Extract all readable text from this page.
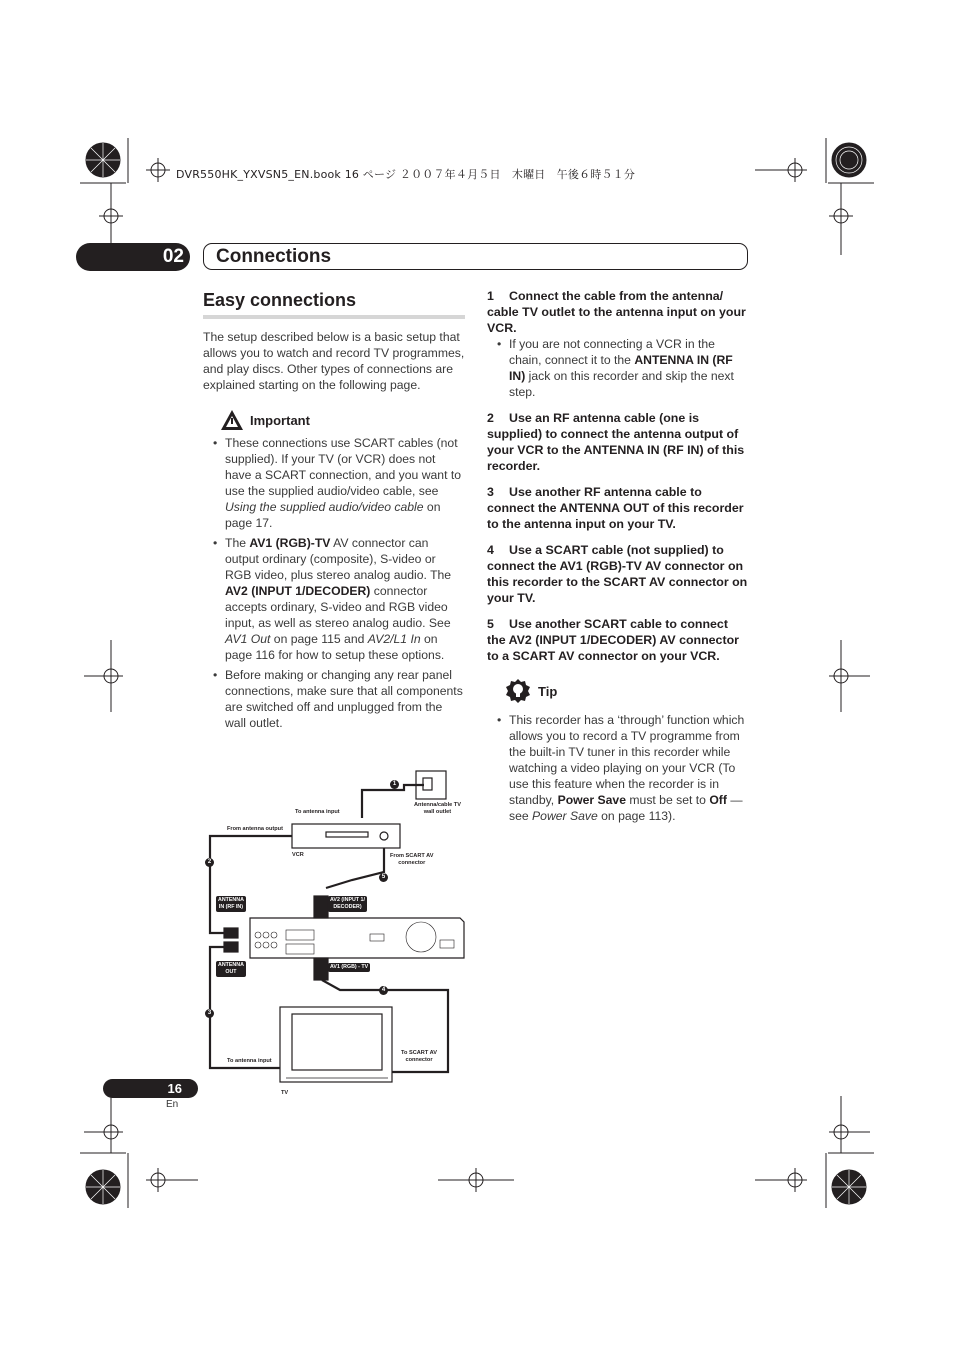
DVR550HK_YXVSN5_EN.book 16 ページ ２００７年４月５日　木曜日　午後６時５１分
02	Connections
Easy connections

The setup described below is a basic setup that allows you to watch and record TV programmes, and play discs. Other types of connections are explained starting on the following page.

Important
• These connections use SCART cables (not supplied). If your TV (or VCR) does not have a SCART connection, and you want to use the supplied audio/video cable, see Using the supplied audio/video cable on page 17.
• The AV1 (RGB)-TV AV connector can output ordinary (composite), S-video or RGB video, plus stereo analog audio. The AV2 (INPUT 1/DECODER) connector accepts ordinary, S-video and RGB video input, as well as stereo analog audio. See AV1 Out on page 115 and AV2/L1 In on page 116 for how to setup these options.
• Before making or changing any rear panel connections, make sure that all components are switched off and unplugged from the wall outlet.

1 Connect the cable from the antenna/ cable TV outlet to the antenna input on your VCR.

• If you are not connecting a VCR in the chain, connect it to the ANTENNA IN (RF IN) jack on this recorder and skip the next step.

2 Use an RF antenna cable (one is supplied) to connect the antenna output of your VCR to the ANTENNA IN (RF IN) of this recorder.

3 Use another RF antenna cable to connect the ANTENNA OUT of this recorder to the antenna input on your TV.

4 Use a SCART cable (not supplied) to connect the AV1 (RGB)-TV AV connector on this recorder to the SCART AV connector on your TV.

5 Use another SCART cable to connect the AV2 (INPUT 1/DECODER) AV connector to a SCART AV connector on your VCR.

Tip
• This recorder has a ‘through’ function which allows you to record a TV programme from the built-in TV tuner in this recorder while watching a video playing on your VCR (To use this feature when the recorder is in standby, Power Save must be set to Off — see Power Save on page 113).
Antenna/cable TV
wall outlet
To antenna input
From antenna output
VCR	From SCART AV
connector
ANTENNA
IN (RF IN)
AV2 (INPUT 1/
DECODER)
ANTENNA
OUT
AV1 (RGB) - TV
To antenna input
To SCART AV
connector
TV
1
2
3
4
5
16
En
